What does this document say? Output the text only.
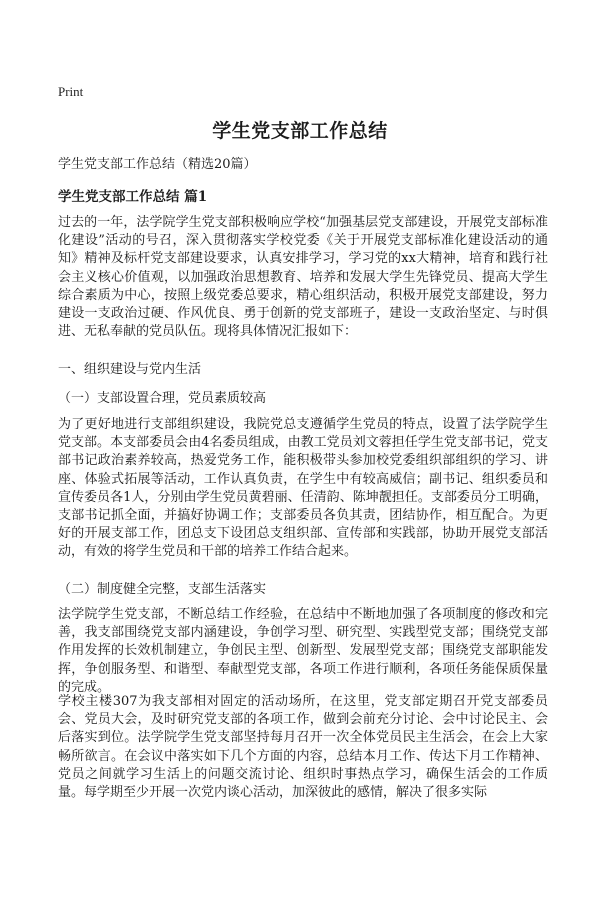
Print
学生党支部工作总结
学生党支部工作总结（精选20篇）
学生党支部工作总结 篇1
过去的一年，法学院学生党支部积极响应学校“加强基层党支部建设，开展党支部标准化建设”活动的号召，深入贯彻落实学校党委《关于开展党支部标准化建设活动的通知》精神及标杆党支部建设要求，认真安排学习，学习党的xx大精神，培育和践行社会主义核心价值观，以加强政治思想教育、培养和发展大学生先锋党员、提高大学生综合素质为中心，按照上级党委总要求，精心组织活动，积极开展党支部建设，努力建设一支政治过硬、作风优良、勇于创新的党支部班子，建设一支政治坚定、与时俱进、无私奉献的党员队伍。现将具体情况汇报如下：
一、组织建设与党内生活
（一）支部设置合理，党员素质较高
为了更好地进行支部组织建设，我院党总支遵循学生党员的特点，设置了法学院学生党支部。本支部委员会由4名委员组成，由教工党员刘文蓉担任学生党支部书记，党支部书记政治素养较高，热爱党务工作，能积极带头参加校党委组织部组织的学习、讲座、体验式拓展等活动，工作认真负责，在学生中有较高威信；副书记、组织委员和宣传委员各1人，分别由学生党员黄碧丽、任清韵、陈坤靓担任。支部委员分工明确，支部书记抓全面，并搞好协调工作；支部委员各负其责，团结协作，相互配合。为更好的开展支部工作，团总支下设团总支组织部、宣传部和实践部，协助开展党支部活动，有效的将学生党员和干部的培养工作结合起来。
（二）制度健全完整，支部生活落实
法学院学生党支部，不断总结工作经验，在总结中不断地加强了各项制度的修改和完善，我支部围绕党支部内涵建设，争创学习型、研究型、实践型党支部；围绕党支部作用发挥的长效机制建立，争创民主型、创新型、发展型党支部；围绕党支部职能发挥，争创服务型、和谐型、奉献型党支部，各项工作进行顺利，各项任务能保质保量的完成。
学校主楼307为我支部相对固定的活动场所，在这里，党支部定期召开党支部委员会、党员大会，及时研究党支部的各项工作，做到会前充分讨论、会中讨论民主、会后落实到位。法学院学生党支部坚持每月召开一次全体党员民主生活会，在会上大家畅所欲言。在会议中落实如下几个方面的内容，总结本月工作、传达下月工作精神、党员之间就学习生活上的问题交流讨论、组织时事热点学习，确保生活会的工作质量。每学期至少开展一次党内谈心活动，加深彼此的感情，解决了很多实际
